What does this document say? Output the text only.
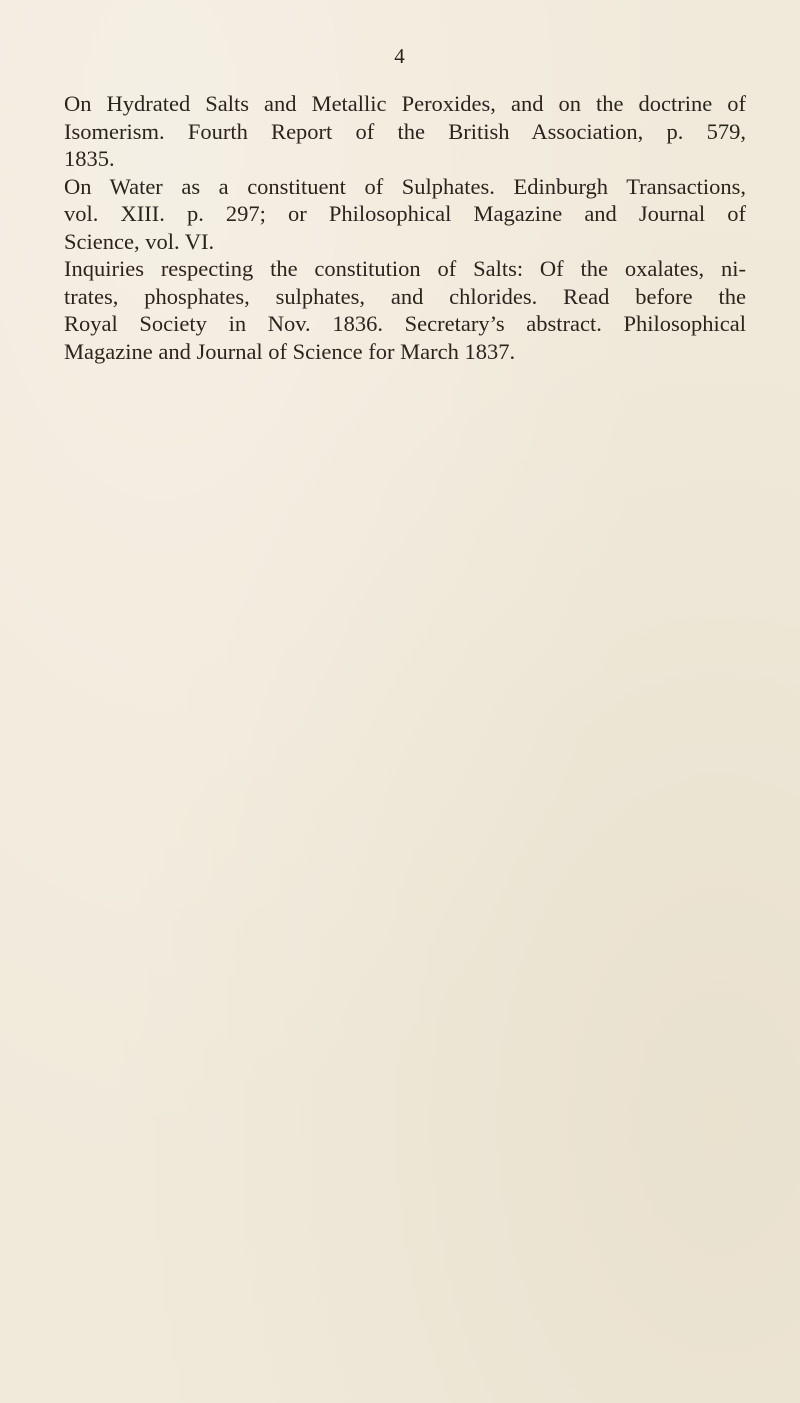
4

On Hydrated Salts and Metallic Peroxides, and on the doctrine of
Isomerism. Fourth Report of the British Association, p. 579,
1835.

On Water as a constituent of Sulphates. Edinburgh Transactions,
vol. XIII. p. 297; or Philosophical Magazine and Journal of
Science, vol. VI.

Inquiries respecting the constitution of Salts: Of the oxalates, ni-
trates, phosphates, sulphates, and chlorides. Read before the
Royal Society in Nov. 1836. Secretary’s abstract. Philosophical
Magazine and Journal of Science for March 1837.
